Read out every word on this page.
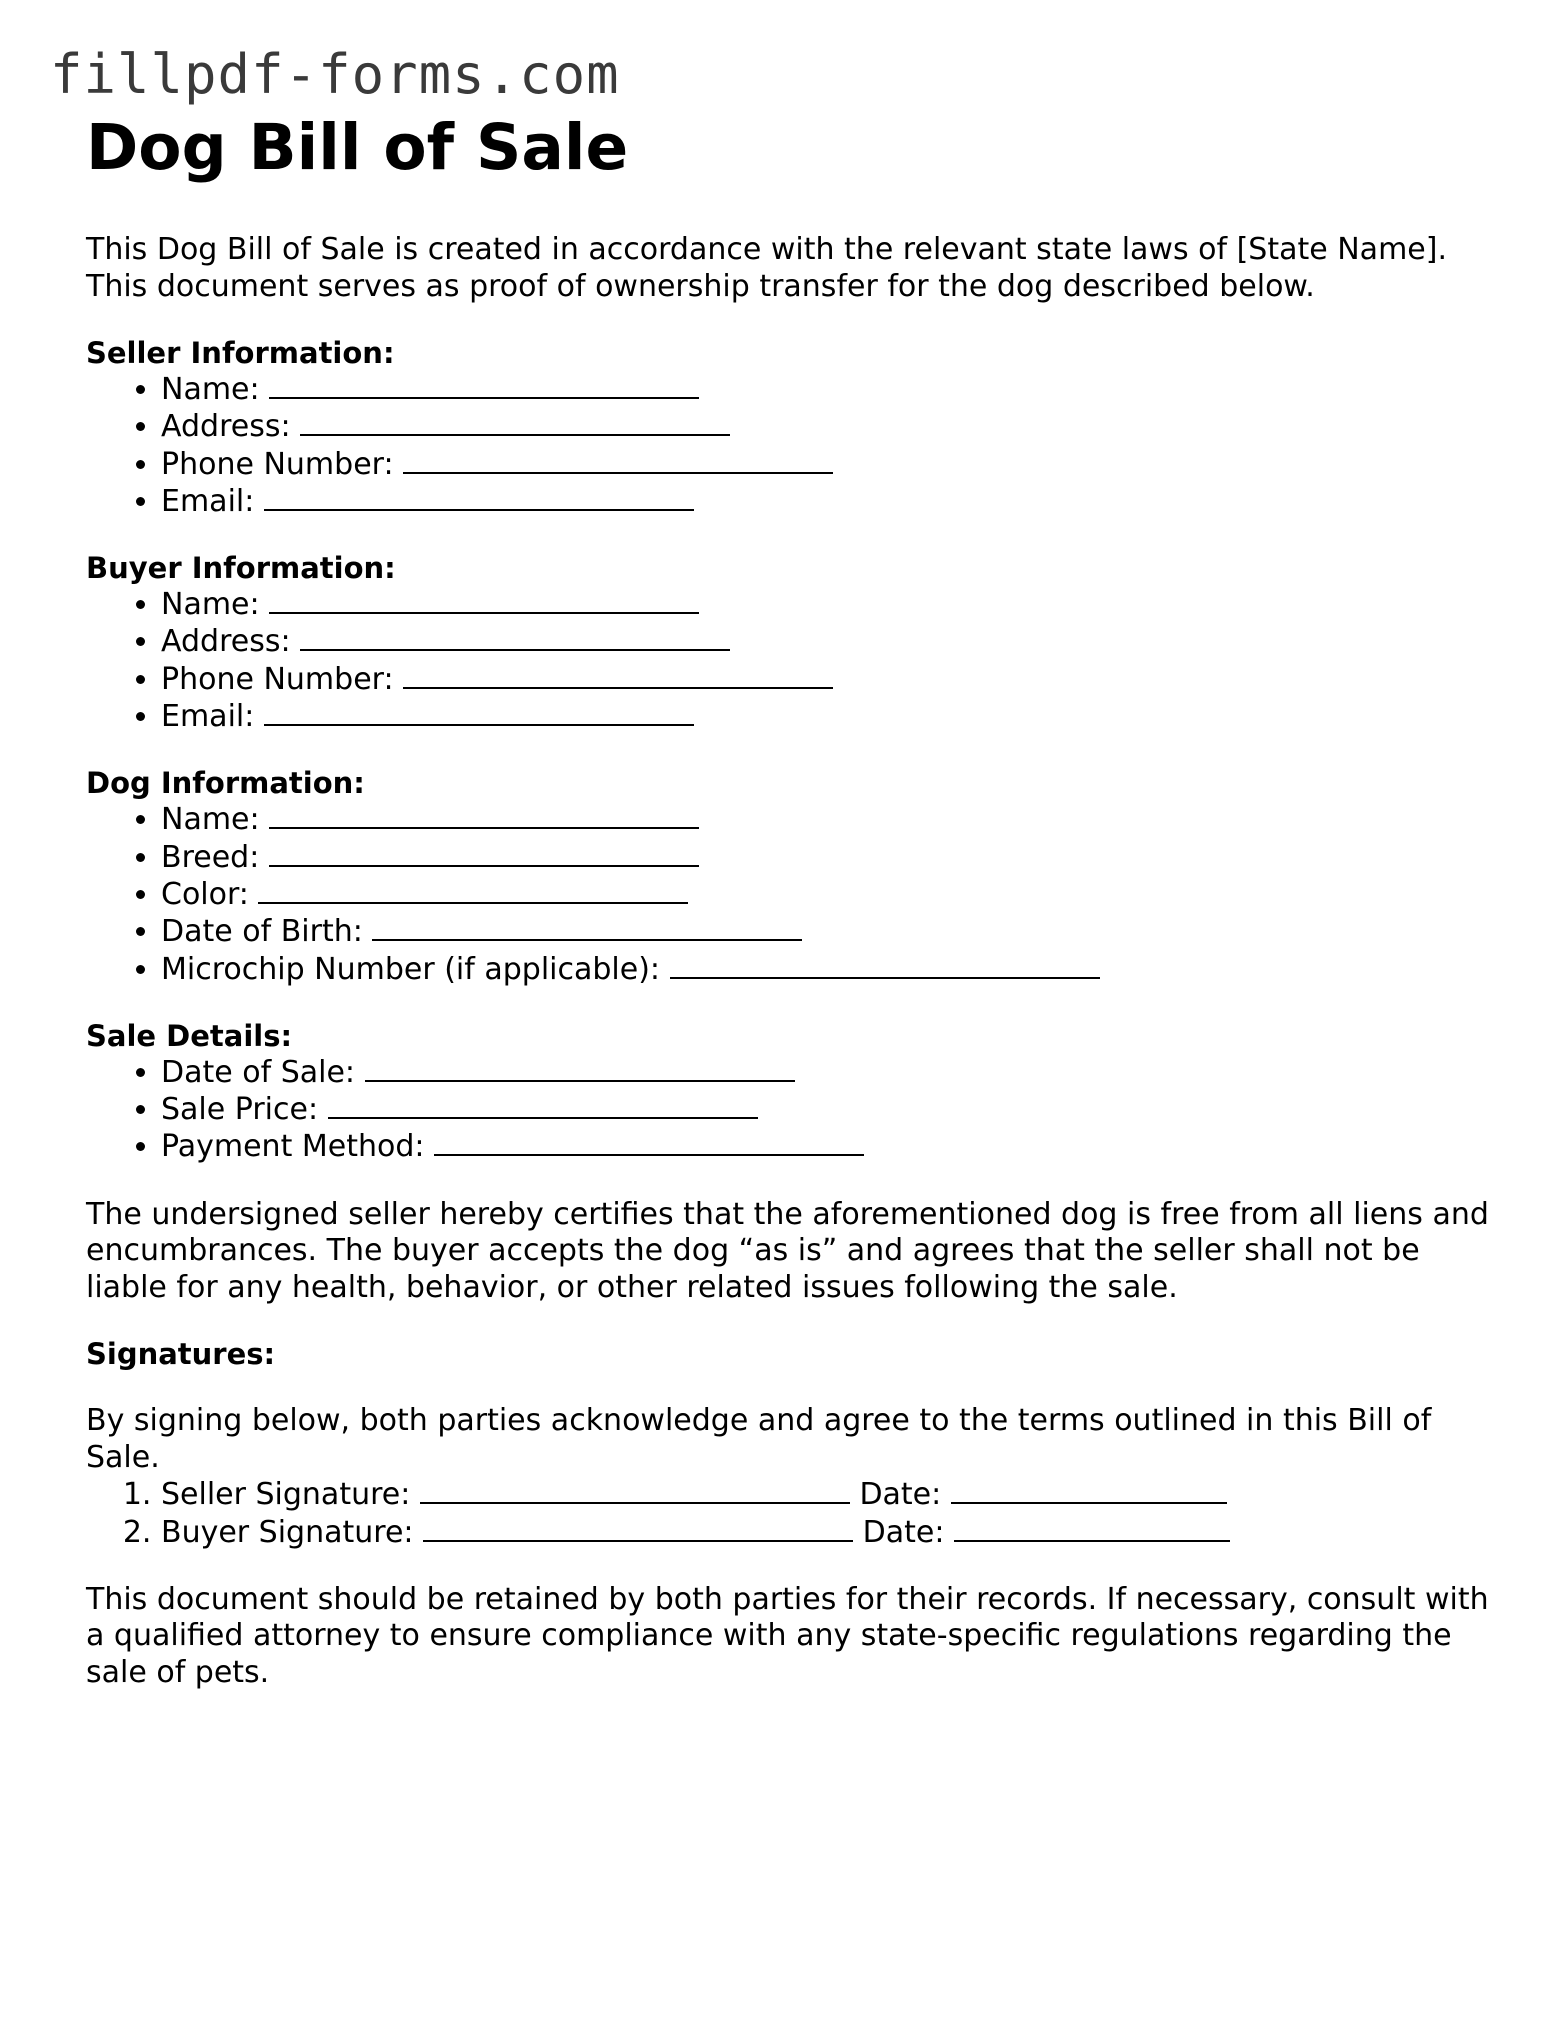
fillpdf-forms.com
Dog Bill of Sale

This Dog Bill of Sale is created in accordance with the relevant state laws of [State Name]. This document serves as proof of ownership transfer for the dog described below.

Seller Information:
• Name:
• Address:
• Phone Number:
• Email:
Buyer Information:
• Name:
• Address:
• Phone Number:
• Email:
Dog Information:
• Name:
• Breed:
• Color:
• Date of Birth:
• Microchip Number (if applicable):
Sale Details:
• Date of Sale:
• Sale Price:
• Payment Method:

The undersigned seller hereby certifies that the aforementioned dog is free from all liens and encumbrances. The buyer accepts the dog “as is” and agrees that the seller shall not be liable for any health, behavior, or other related issues following the sale.

Signatures:

By signing below, both parties acknowledge and agree to the terms outlined in this Bill of Sale.

1. Seller Signature:	Date:
2. Buyer Signature:	Date:

This document should be retained by both parties for their records. If necessary, consult with a qualified attorney to ensure compliance with any state-specific regulations regarding the sale of pets.
